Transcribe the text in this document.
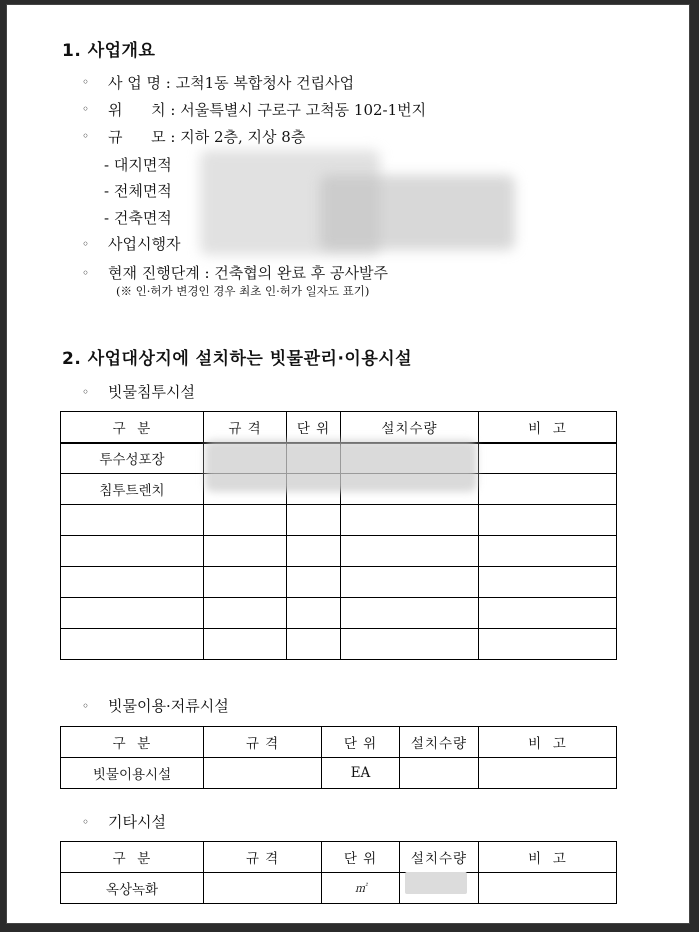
1. 사업개요
◦ 사 업 명 : 고척1동 복합청사 건립사업
◦ 위      치 : 서울특별시 구로구 고척동 102-1번지
◦ 규      모 : 지하 2층, 지상 8층
- 대지면적
- 전체면적
- 건축면적
◦ 사업시행자
◦ 현재 진행단계 : 건축협의 완료 후 공사발주
(※ 인·허가 변경인 경우 최초 인·허가 일자도 표기)
2. 사업대상지에 설치하는 빗물관리·이용시설
◦ 빗물침투시설
구  분	규 격	단 위	설치수량	비  고
투수성포장				
침투트렌치				

◦ 빗물이용·저류시설
구  분	규 격	단 위	설치수량	비  고
빗물이용시설		EA		
◦ 기타시설
구  분	규 격	단 위	설치수량	비  고
옥상녹화		㎡		
